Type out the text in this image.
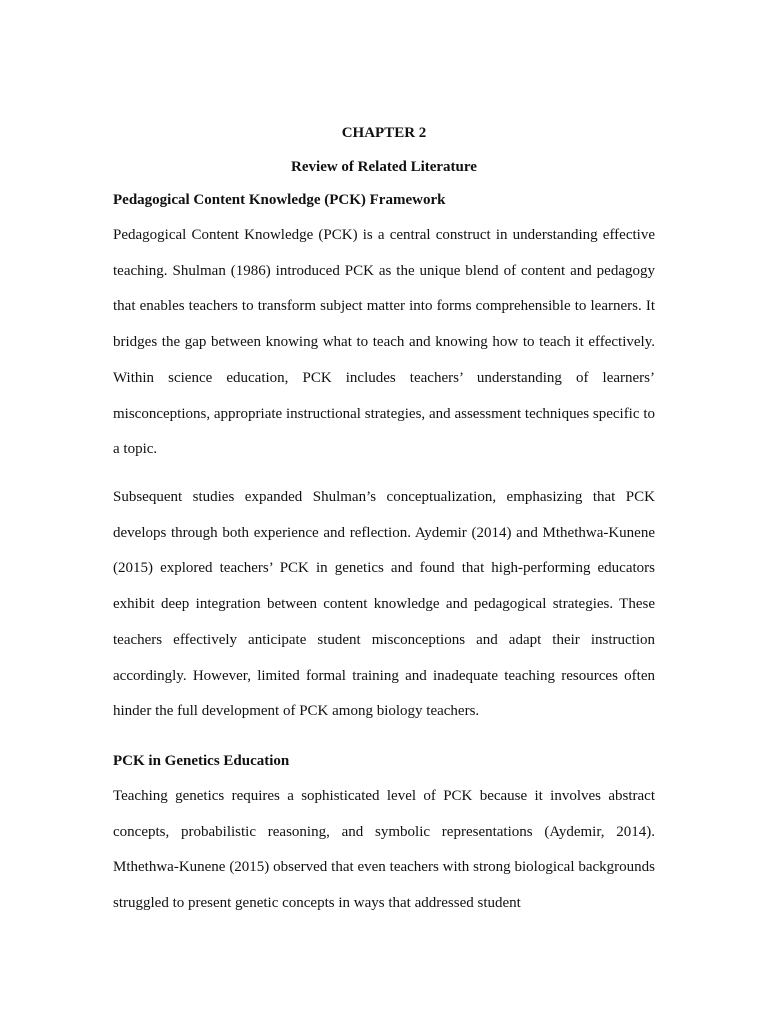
CHAPTER 2
Review of Related Literature
Pedagogical Content Knowledge (PCK) Framework

Pedagogical Content Knowledge (PCK) is a central construct in understanding effective teaching. Shulman (1986) introduced PCK as the unique blend of content and pedagogy that enables teachers to transform subject matter into forms comprehensible to learners. It bridges the gap between knowing what to teach and knowing how to teach it effectively. Within science education, PCK includes teachers’ understanding of learners’ misconceptions, appropriate instructional strategies, and assessment techniques specific to a topic.

Subsequent studies expanded Shulman’s conceptualization, emphasizing that PCK develops through both experience and reflection. Aydemir (2014) and Mthethwa-Kunene (2015) explored teachers’ PCK in genetics and found that high-performing educators exhibit deep integration between content knowledge and pedagogical strategies. These teachers effectively anticipate student misconceptions and adapt their instruction accordingly. However, limited formal training and inadequate teaching resources often hinder the full development of PCK among biology teachers.

PCK in Genetics Education

Teaching genetics requires a sophisticated level of PCK because it involves abstract concepts, probabilistic reasoning, and symbolic representations (Aydemir, 2014). Mthethwa-Kunene (2015) observed that even teachers with strong biological backgrounds struggled to present genetic concepts in ways that addressed student
